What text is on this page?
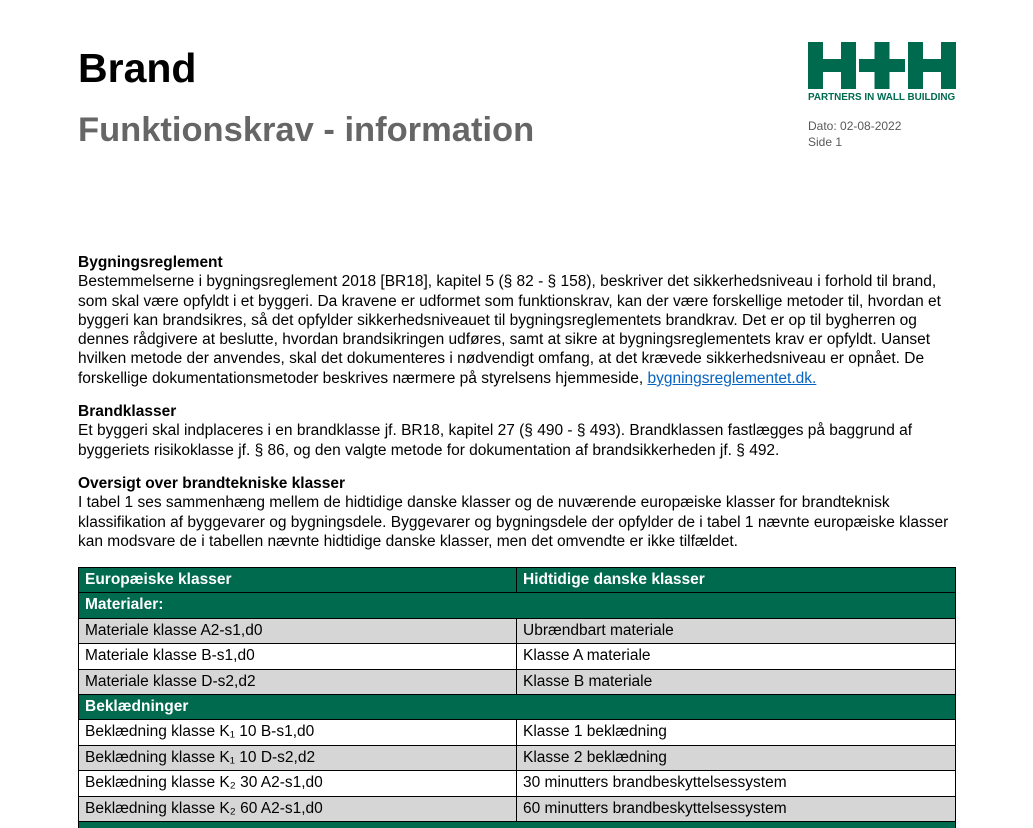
Brand
Funktionskrav - information
PARTNERS IN WALL BUILDING
Dato: 02-08-2022
Side 1
Bygningsreglement
Bestemmelserne i bygningsreglement 2018 [BR18], kapitel 5 (§ 82 - § 158), beskriver det sikkerhedsniveau i forhold til brand,
som skal være opfyldt i et byggeri. Da kravene er udformet som funktionskrav, kan der være forskellige metoder til, hvordan et
byggeri kan brandsikres, så det opfylder sikkerhedsniveauet til bygningsreglementets brandkrav. Det er op til bygherren og
dennes rådgivere at beslutte, hvordan brandsikringen udføres, samt at sikre at bygningsreglementets krav er opfyldt. Uanset
hvilken metode der anvendes, skal det dokumenteres i nødvendigt omfang, at det krævede sikkerhedsniveau er opnået. De
forskellige dokumentationsmetoder beskrives nærmere på styrelsens hjemmeside, bygningsreglementet.dk.
Brandklasser
Et byggeri skal indplaceres i en brandklasse jf. BR18, kapitel 27 (§ 490 - § 493). Brandklassen fastlægges på baggrund af
byggeriets risikoklasse jf. § 86, og den valgte metode for dokumentation af brandsikkerheden jf. § 492.
Oversigt over brandtekniske klasser
I tabel 1 ses sammenhæng mellem de hidtidige danske klasser og de nuværende europæiske klasser for brandteknisk
klassifikation af byggevarer og bygningsdele. Byggevarer og bygningsdele der opfylder de i tabel 1 nævnte europæiske klasser
kan modsvare de i tabellen nævnte hidtidige danske klasser, men det omvendte er ikke tilfældet.
Europæiske klasser	Hidtidige danske klasser
Materialer:
Materiale klasse A2-s1,d0	Ubrændbart materiale
Materiale klasse B-s1,d0	Klasse A materiale
Materiale klasse D-s2,d2	Klasse B materiale
Beklædninger
Beklædning klasse K₁ 10 B-s1,d0	Klasse 1 beklædning
Beklædning klasse K₁ 10 D-s2,d2	Klasse 2 beklædning
Beklædning klasse K₂ 30 A2-s1,d0	30 minutters brandbeskyttelsessystem
Beklædning klasse K₂ 60 A2-s1,d0	60 minutters brandbeskyttelsessystem
